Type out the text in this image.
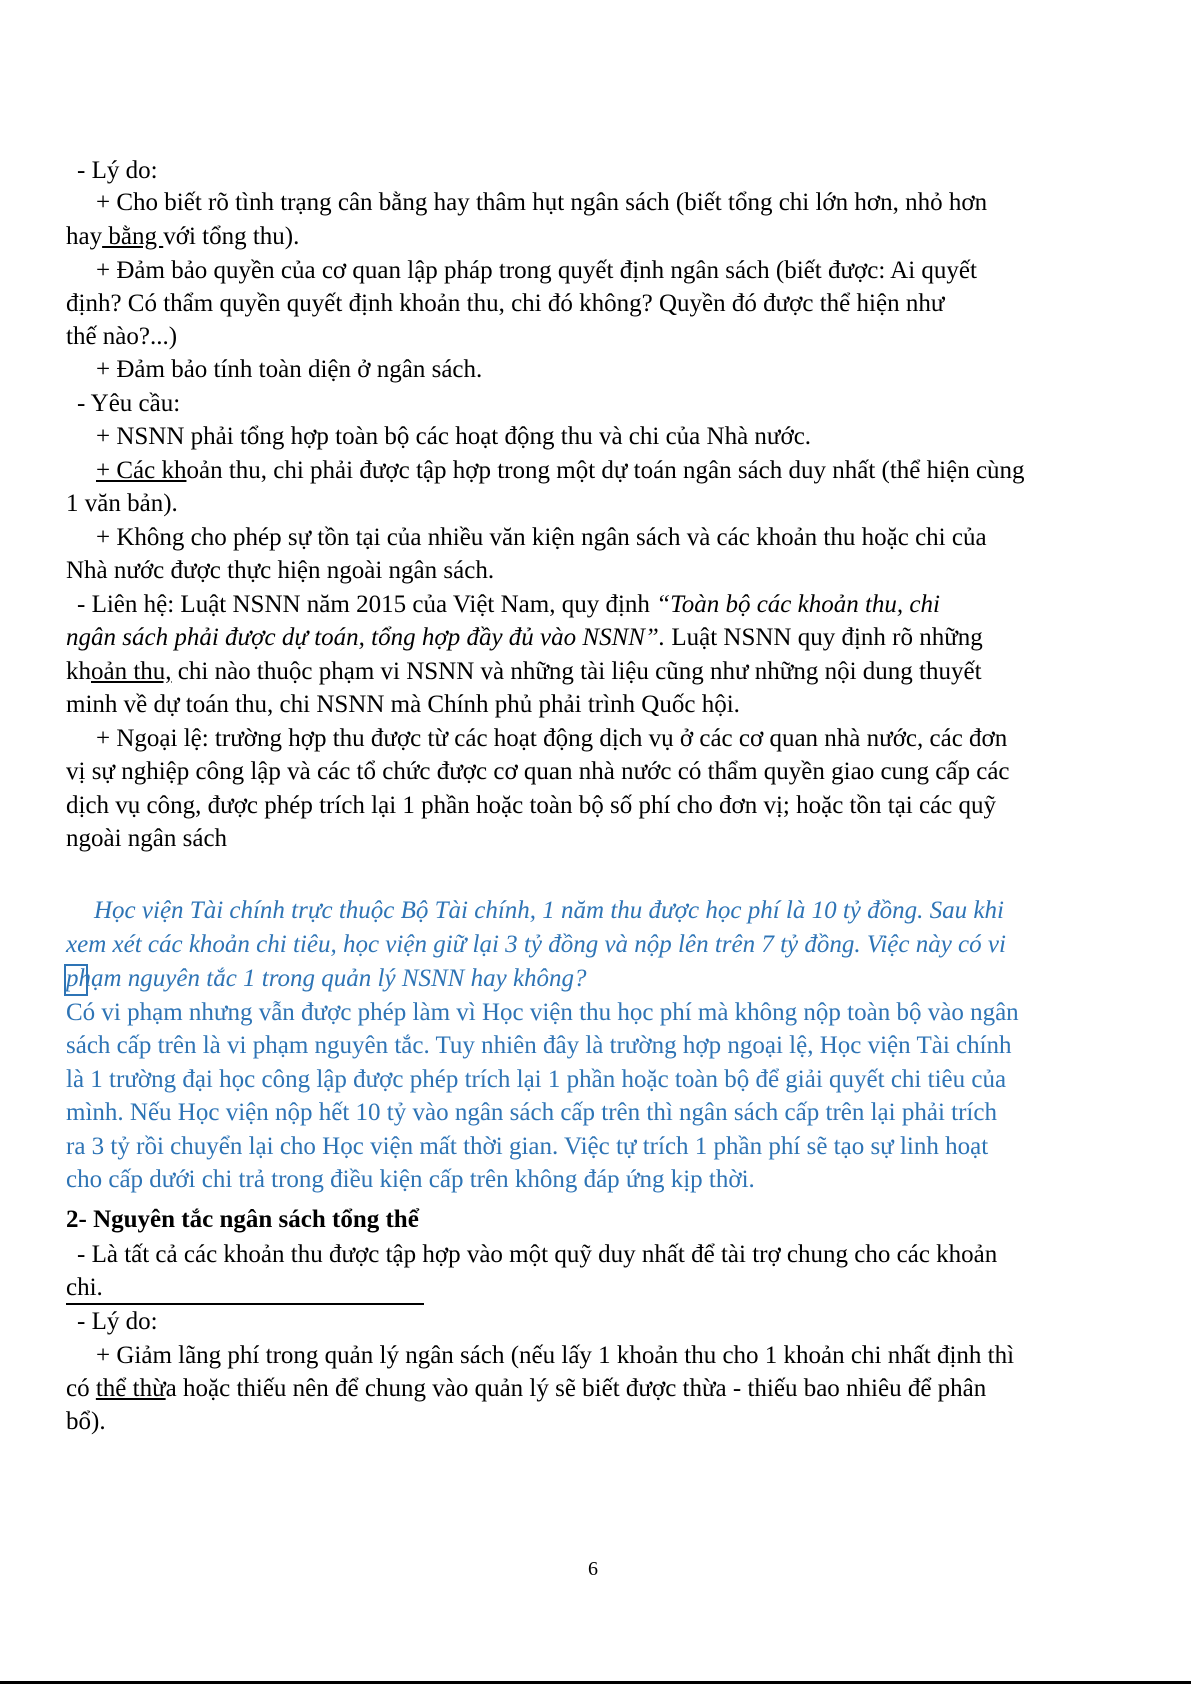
- Lý do:
+ Cho biết rõ tình trạng cân bằng hay thâm hụt ngân sách (biết tổng chi lớn hơn, nhỏ hơn
hay bằng với tổng thu).
+ Đảm bảo quyền của cơ quan lập pháp trong quyết định ngân sách (biết được: Ai quyết
định? Có thẩm quyền quyết định khoản thu, chi đó không? Quyền đó được thể hiện như
thế nào?...)
+ Đảm bảo tính toàn diện ở ngân sách.
- Yêu cầu:
+ NSNN phải tổng hợp toàn bộ các hoạt động thu và chi của Nhà nước.
+ Các khoản thu, chi phải được tập hợp trong một dự toán ngân sách duy nhất (thể hiện cùng
1 văn bản).
+ Không cho phép sự tồn tại của nhiều văn kiện ngân sách và các khoản thu hoặc chi của
Nhà nước được thực hiện ngoài ngân sách.
- Liên hệ: Luật NSNN năm 2015 của Việt Nam, quy định “Toàn bộ các khoản thu, chi
ngân sách phải được dự toán, tổng hợp đầy đủ vào NSNN”. Luật NSNN quy định rõ những
khoản thu, chi nào thuộc phạm vi NSNN và những tài liệu cũng như những nội dung thuyết
minh về dự toán thu, chi NSNN mà Chính phủ phải trình Quốc hội.
+ Ngoại lệ: trường hợp thu được từ các hoạt động dịch vụ ở các cơ quan nhà nước, các đơn
vị sự nghiệp công lập và các tổ chức được cơ quan nhà nước có thẩm quyền giao cung cấp các
dịch vụ công, được phép trích lại 1 phần hoặc toàn bộ số phí cho đơn vị; hoặc tồn tại các quỹ
ngoài ngân sách
Học viện Tài chính trực thuộc Bộ Tài chính, 1 năm thu được học phí là 10 tỷ đồng. Sau khi
xem xét các khoản chi tiêu, học viện giữ lại 3 tỷ đồng và nộp lên trên 7 tỷ đồng. Việc này có vi
phạm nguyên tắc 1 trong quản lý NSNN hay không?
Có vi phạm nhưng vẫn được phép làm vì Học viện thu học phí mà không nộp toàn bộ vào ngân
sách cấp trên là vi phạm nguyên tắc. Tuy nhiên đây là trường hợp ngoại lệ, Học viện Tài chính
là 1 trường đại học công lập được phép trích lại 1 phần hoặc toàn bộ để giải quyết chi tiêu của
mình. Nếu Học viện nộp hết 10 tỷ vào ngân sách cấp trên thì ngân sách cấp trên lại phải trích
ra 3 tỷ rồi chuyển lại cho Học viện mất thời gian. Việc tự trích 1 phần phí sẽ tạo sự linh hoạt
cho cấp dưới chi trả trong điều kiện cấp trên không đáp ứng kịp thời.
2- Nguyên tắc ngân sách tổng thể
- Là tất cả các khoản thu được tập hợp vào một quỹ duy nhất để tài trợ chung cho các khoản
chi.
- Lý do:
+ Giảm lãng phí trong quản lý ngân sách (nếu lấy 1 khoản thu cho 1 khoản chi nhất định thì
có thể thừa hoặc thiếu nên để chung vào quản lý sẽ biết được thừa - thiếu bao nhiêu để phân
bổ).
6
